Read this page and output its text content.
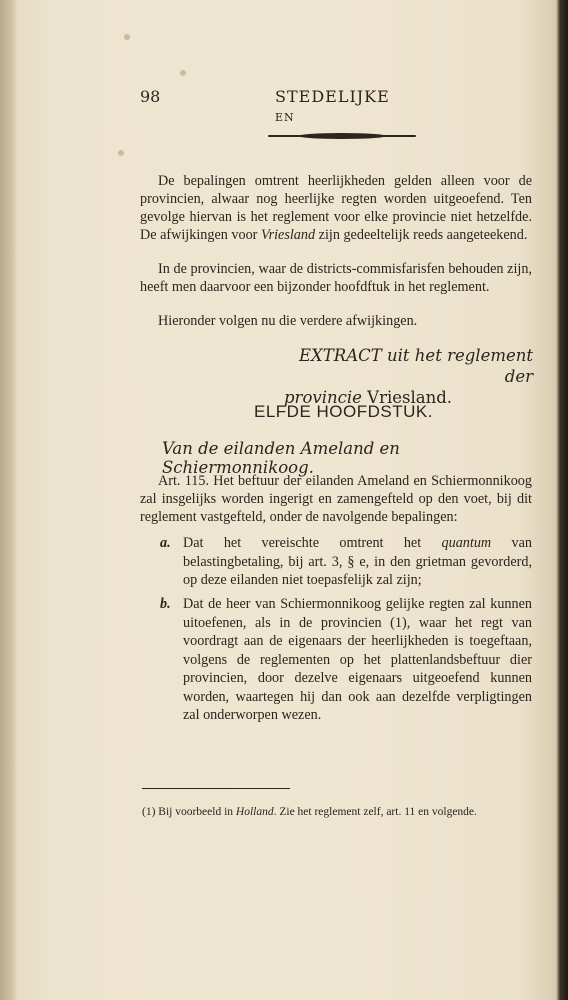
98	STEDELIJKE EN
De bepalingen omtrent heerlijkheden gelden alleen voor de provincien, alwaar nog heerlijke regten worden uitgeoefend. Ten gevolge hiervan is het reglement voor elke provincie niet hetzelfde. De afwijkingen voor Vriesland zijn gedeeltelijk reeds aangeteekend.
In de provincien, waar de districts-commisfarisfen behouden zijn, heeft men daarvoor een bijzonder hoofdftuk in het reglement.
Hieronder volgen nu die verdere afwijkingen.
EXTRACT uit het reglement der
provincie Vriesland.
ELFDE HOOFDSTUK.
Van de eilanden Ameland en Schiermonnikoog.
Art. 115. Het beftuur der eilanden Ameland en Schiermonnikoog zal insgelijks worden ingerigt en zamengefteld op den voet, bij dit reglement vastgefteld, onder de navolgende bepalingen:
a. Dat het vereischte omtrent het quantum van belastingbetaling, bij art. 3, § e, in den grietman gevorderd, op deze eilanden niet toepasfelijk zal zijn;
b. Dat de heer van Schiermonnikoog gelijke regten zal kunnen uitoefenen, als in de provincien (1), waar het regt van voordragt aan de eigenaars der heerlijkheden is toegeftaan, volgens de reglementen op het plattenlandsbeftuur dier provincien, door dezelve eigenaars uitgeoefend kunnen worden, waartegen hij dan ook aan dezelfde verpligtingen zal onderworpen wezen.
(1) Bij voorbeeld in Holland. Zie het reglement zelf, art. 11 en volgende.
